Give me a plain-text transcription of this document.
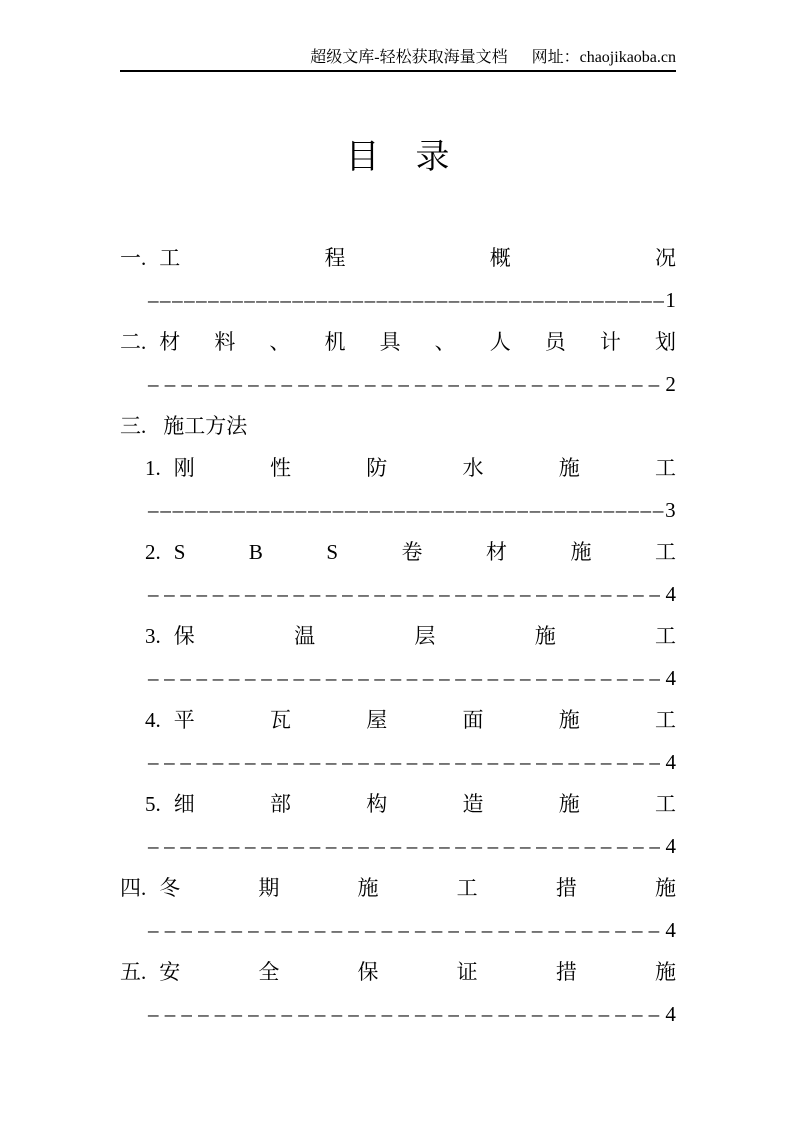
超级文库-轻松获取海量文档 网址：chaojikaoba.cn
目　录
一. 工	程	概	况
– – – – – – – – – – – – – – – – – – – – – – – – – – – – – – – – – – – – – – – – – – – 1
二. 材 料 、 机 具 、 人 员 计 划
– – – – – – – – – – – – – – – – – – – – – – – – – – – – – – – 2
三. 施工方法
1. 刚	性	防	水	施	工
– – – – – – – – – – – – – – – – – – – – – – – – – – – – – – – – – – – – – – – – – – 3
2. S	B	S	卷	材	施	工
– – – – – – – – – – – – – – – – – – – – – – – – – – – – – – – – 4
3. 保	温	层	施	工
– – – – – – – – – – – – – – – – – – – – – – – – – – – – – – – – 4
4. 平	瓦	屋	面	施	工
– – – – – – – – – – – – – – – – – – – – – – – – – – – – – – – – 4
5. 细	部	构	造	施	工
– – – – – – – – – – – – – – – – – – – – – – – – – – – – – – – – 4
四. 冬	期	施	工	措	施
– – – – – – – – – – – – – – – – – – – – – – – – – – – – – – – 4
五. 安	全	保	证	措	施
– – – – – – – – – – – – – – – – – – – – – – – – – – – – – – – 4
